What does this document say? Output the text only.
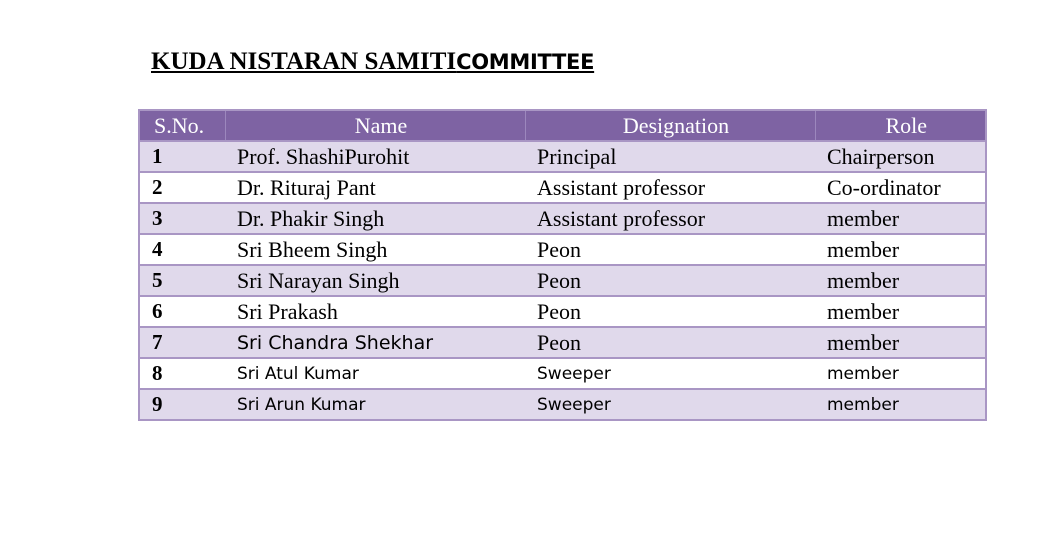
KUDA NISTARAN SAMITICOMMITTEE
S.No.	Name	Designation	Role
1	Prof. ShashiPurohit	Principal	Chairperson
2	Dr. Rituraj Pant	Assistant professor	Co-ordinator
3	Dr. Phakir Singh	Assistant professor	member
4	Sri Bheem Singh	Peon	member
5	Sri Narayan Singh	Peon	member
6	Sri Prakash	Peon	member
7	Sri Chandra Shekhar	Peon	member
8	Sri Atul Kumar	Sweeper	member
9	Sri Arun Kumar	Sweeper	member
